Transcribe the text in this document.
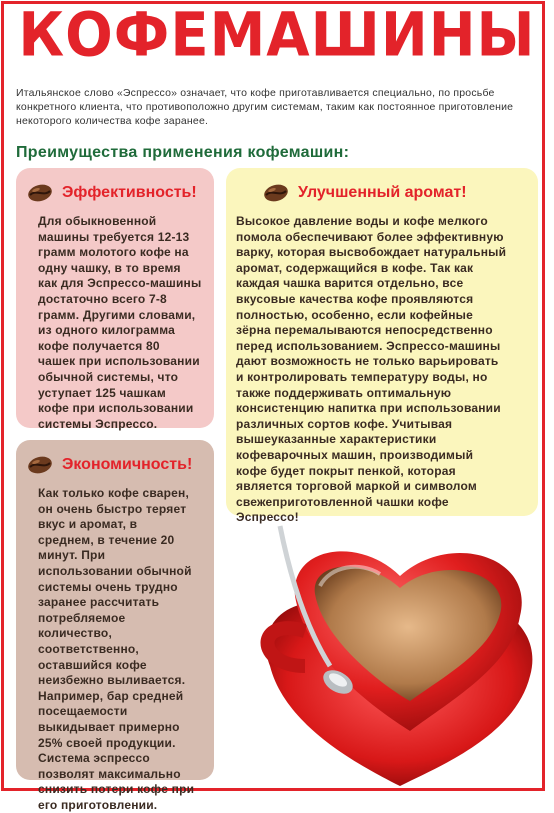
КОФЕМАШИНЫ
Итальянское слово «Эспрессо» означает, что кофе приготавливается специально, по просьбе конкретного клиента, что противоположно другим системам, таким как постоянное приготовление некоторого количества кофе заранее.
Преимущества применения кофемашин:
Эффективность!
Для обыкновенной
машины требуется 12-13
грамм молотого кофе на
одну чашку, в то время
как для Эспрессо-машины
достаточно всего 7-8
грамм. Другими словами,
из одного килограмма
кофе получается 80
чашек при использовании
обычной системы, что
уступает 125 чашкам
кофе при использовании
системы Эспрессо.
Улучшенный аромат!
Высокое давление воды и кофе мелкого
помола обеспечивают более эффективную
варку, которая высвобождает натуральный
аромат, содержащийся в кофе. Так как
каждая чашка варится отдельно, все
вкусовые качества кофе проявляются
полностью, особенно, если кофейные
зёрна перемалываются непосредственно
перед использованием. Эспрессо-машины
дают возможность не только варьировать
и контролировать температуру воды, но
также поддерживать оптимальную
консистенцию напитка при использовании
различных сортов кофе. Учитывая
вышеуказанные характеристики
кофеварочных машин, производимый
кофе будет покрыт пенкой, которая
является торговой маркой и символом
свежеприготовленной чашки кофе
Эспрессо!
Экономичность!
Как только кофе сварен,
он очень быстро теряет
вкус и аромат, в
среднем, в течение 20
минут. При
использовании обычной
системы очень трудно
заранее рассчитать
потребляемое количество,
соответственно,
оставшийся кофе
неизбежно выливается.
Например, бар средней
посещаемости
выкидывает примерно
25% своей продукции.
Система эспрессо
позволят максимально
снизить потери кофе при
его приготовлении.
